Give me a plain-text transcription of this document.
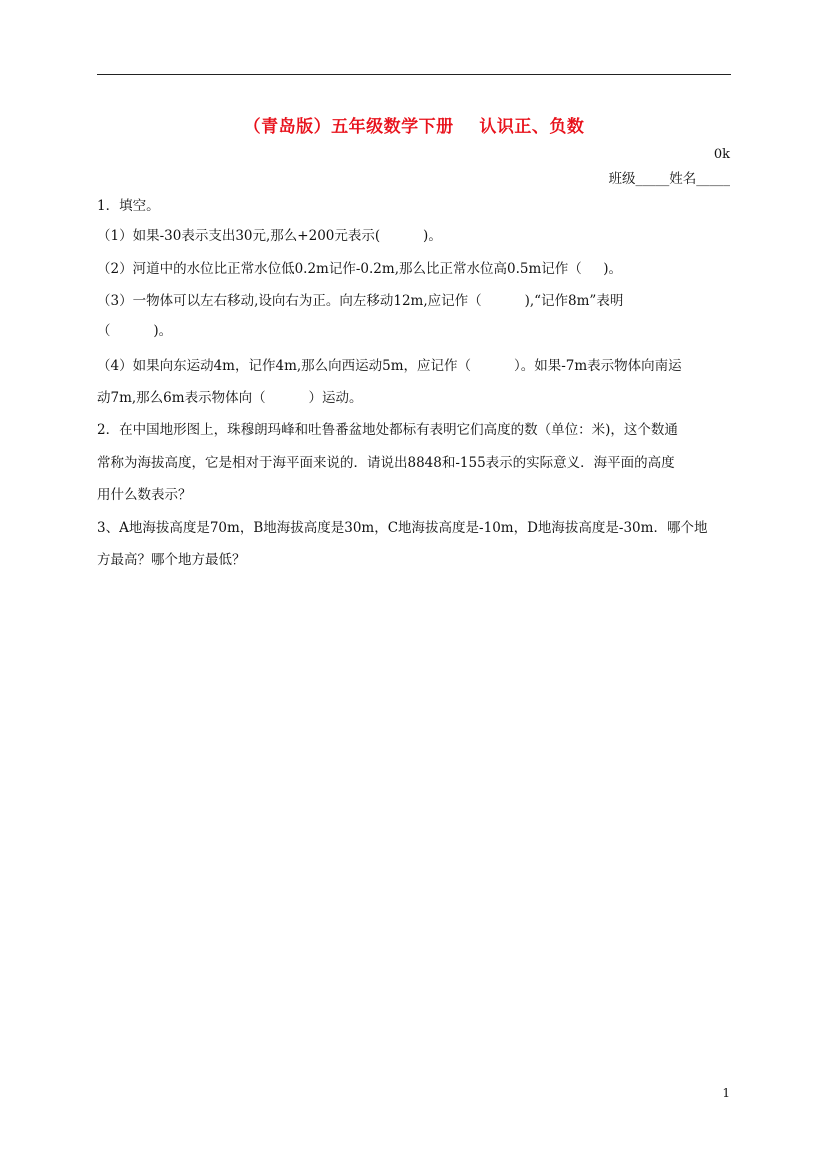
（青岛版）五年级数学下册    认识正、负数
0k
班级_____姓名_____
1．填空。
（1）如果-30表示支出30元,那么+200元表示(          )。
（2）河道中的水位比正常水位低0.2m记作-0.2m,那么比正常水位高0.5m记作（     )。
（3）一物体可以左右移动,设向右为正。向左移动12m,应记作（          ),“记作8m”表明
（          )。
（4）如果向东运动4m，记作4m,那么向西运动5m，应记作（          ）。如果-7m表示物体向南运
动7m,那么6m表示物体向（          ）运动。
2．在中国地形图上，珠穆朗玛峰和吐鲁番盆地处都标有表明它们高度的数（单位：米)，这个数通
常称为海拔高度，它是相对于海平面来说的．请说出8848和-155表示的实际意义．海平面的高度
用什么数表示？
3、A地海拔高度是70m，B地海拔高度是30m，C地海拔高度是-10m，D地海拔高度是-30m．哪个地
方最高？哪个地方最低？
1
